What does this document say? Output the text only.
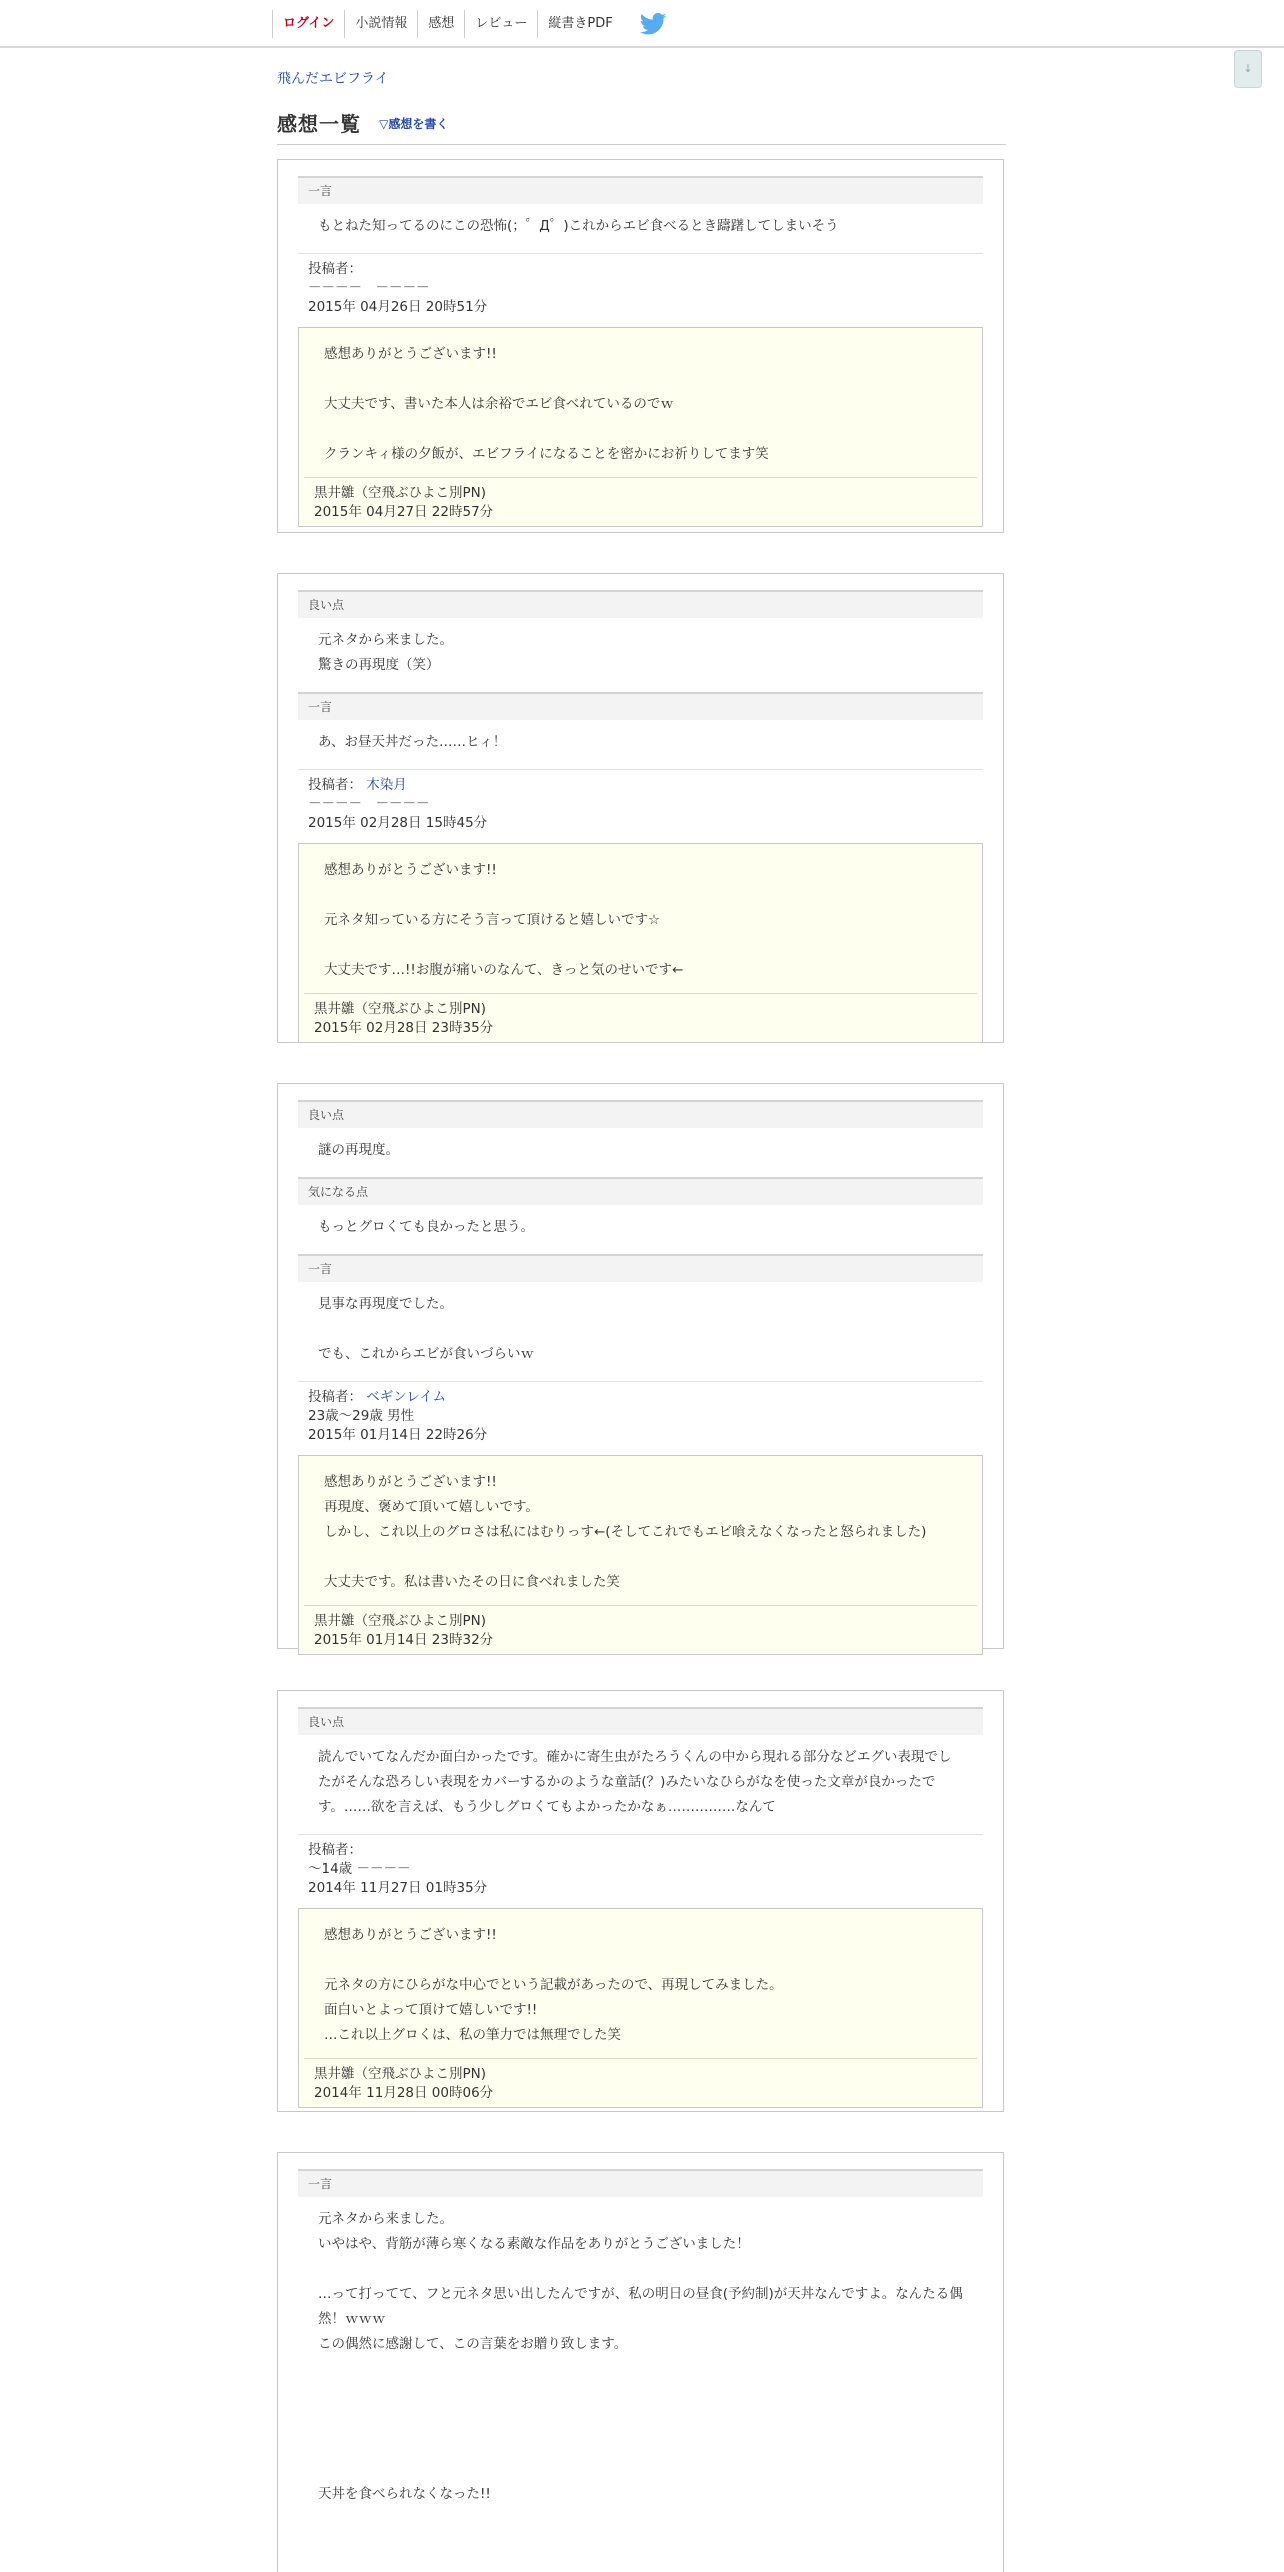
ログイン	小説情報	感想	レビュー	縦書きPDF
↓
飛んだエビフライ
感想一覧 ▽感想を書く
一言
もとねた知ってるのにこの恐怖(；゜Д゜)これからエビ食べるとき躊躇してしまいそう
投稿者：
－－－－　－－－－
2015年 04月26日 20時51分
感想ありがとうございます!!

大丈夫です、書いた本人は余裕でエビ食べれているのでｗ

クランキィ様の夕飯が、エビフライになることを密かにお祈りしてます笑
黒井雛（空飛ぶひよこ別PN)
2015年 04月27日 22時57分
良い点
元ネタから来ました。
驚きの再現度（笑）
一言
あ、お昼天丼だった……ヒィ！
投稿者： 木染月
－－－－　－－－－
2015年 02月28日 15時45分
感想ありがとうございます!!

元ネタ知っている方にそう言って頂けると嬉しいです☆

大丈夫です…!!お腹が痛いのなんて、きっと気のせいです←
黒井雛（空飛ぶひよこ別PN)
2015年 02月28日 23時35分
良い点
謎の再現度。
気になる点
もっとグロくても良かったと思う。
一言
見事な再現度でした。

でも、これからエビが食いづらいｗ
投稿者： ベギンレイム
23歳～29歳 男性
2015年 01月14日 22時26分
感想ありがとうございます!!
再現度、褒めて頂いて嬉しいです。
しかし、これ以上のグロさは私にはむりっす←(そしてこれでもエビ喰えなくなったと怒られました)

大丈夫です。私は書いたその日に食べれました笑
黒井雛（空飛ぶひよこ別PN)
2015年 01月14日 23時32分
良い点
読んでいてなんだか面白かったです。確かに寄生虫がたろうくんの中から現れる部分などエグい表現でしたがそんな恐ろしい表現をカバーするかのような童話(？)みたいなひらがなを使った文章が良かったです。……欲を言えば、もう少しグロくてもよかったかなぁ……………なんて
投稿者：
～14歳 －－－－
2014年 11月27日 01時35分
感想ありがとうございます!!

元ネタの方にひらがな中心でという記載があったので、再現してみました。
面白いとよって頂けて嬉しいです!!
…これ以上グロくは、私の筆力では無理でした笑
黒井雛（空飛ぶひよこ別PN)
2014年 11月28日 00時06分
一言
元ネタから来ました。
いやはや、背筋が薄ら寒くなる素敵な作品をありがとうございました！

…って打ってて、フと元ネタ思い出したんですが、私の明日の昼食(予約制)が天丼なんですよ。なんたる偶然！ｗｗｗ
この偶然に感謝して、この言葉をお贈り致します。

天丼を食べられなくなった!!
